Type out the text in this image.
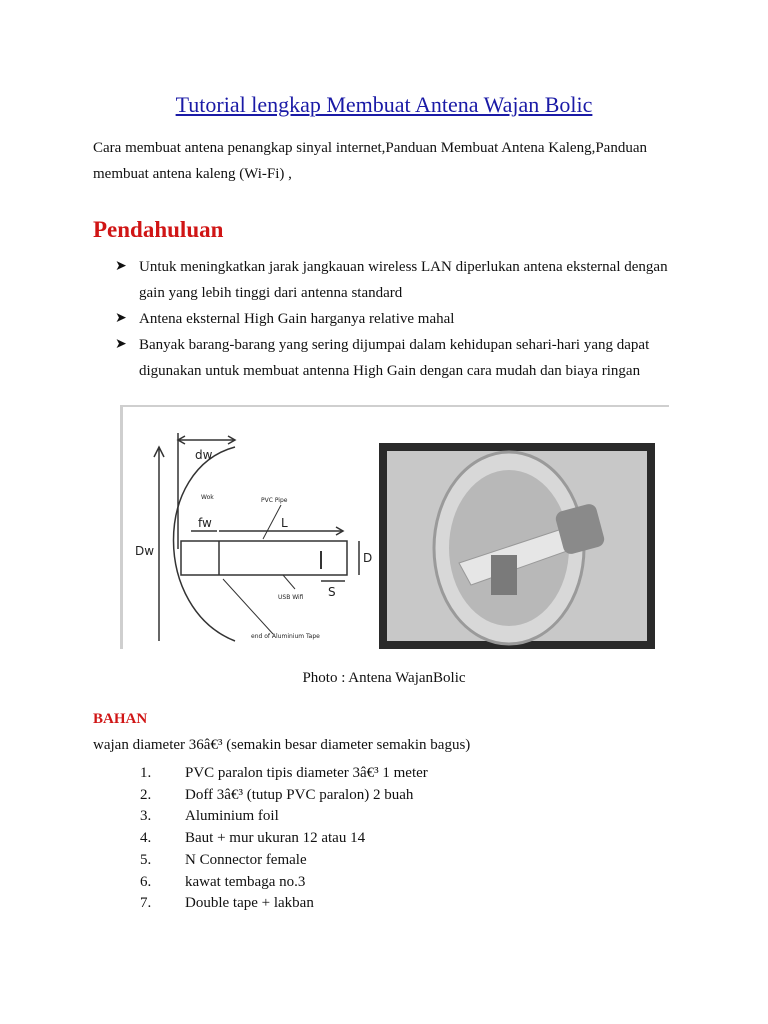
Tutorial lengkap Membuat Antena Wajan Bolic

Cara membuat antena penangkap sinyal internet,Panduan Membuat Antena Kaleng,Panduan membuat antena kaleng (Wi-Fi) ,

Pendahuluan
➤ Untuk meningkatkan jarak jangkauan wireless LAN diperlukan antena eksternal dengan gain yang lebih tinggi dari antenna standard
➤ Antena eksternal High Gain harganya relative mahal
➤ Banyak barang-barang yang sering dijumpai dalam kehidupan sehari-hari yang dapat digunakan untuk membuat antenna High Gain dengan cara mudah dan biaya ringan
dw
Wok	PVC Pipe
fw	L
Dw	D
USB Wifi S
end of Aluminium Tape

Photo : Antena WajanBolic

BAHAN

wajan diameter 36â€³ (semakin besar diameter semakin bagus)

1. PVC paralon tipis diameter 3â€³ 1 meter
2. Doff 3â€³ (tutup PVC paralon) 2 buah
3. Aluminium foil
4. Baut + mur ukuran 12 atau 14
5. N Connector female
6. kawat tembaga no.3
7. Double tape + lakban
